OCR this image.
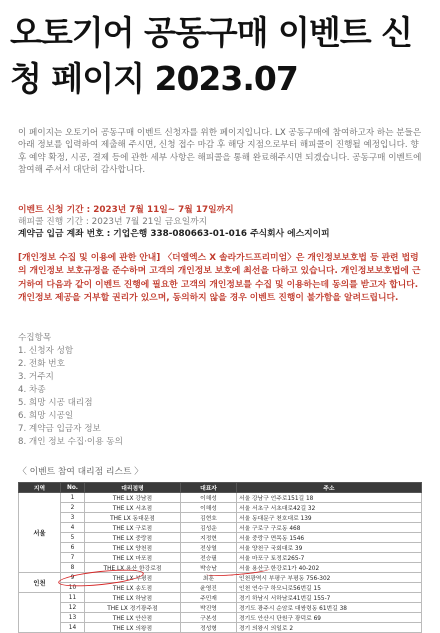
오토기어 공동구매 이벤트 신청 페이지 2023.07
이 페이지는 오토기어 공동구매 이벤트 신청자를 위한 페이지입니다. LX 공동구매에 참여하고자 하는 분들은 아래 정보를 입력하여 제출해 주시면, 신청 접수 마감 후 해당 지점으로부터 해피콜이 진행될 예정입니다. 향후 예약 확정, 시공, 결제 등에 관한 세부 사항은 해피콜을 통해 완료해주시면 되겠습니다. 공동구매 이벤트에 참여해 주셔서 대단히 감사합니다.
이벤트 신청 기간 : 2023년 7월 11일~ 7월 17일까지
해피콜 진행 기간 : 2023년 7월 21일 금요일까지
계약금 입금 계좌 번호 : 기업은행 338-080663-01-016 주식회사 에스지이피
[개인정보 수집 및 이용에 관한 안내] 〈더엘엑스 X 솔라가드프리미엄〉은 개인정보보호법 등 관련 법령의 개인정보 보호규정을 준수하며 고객의 개인정보 보호에 최선을 다하고 있습니다. 개인정보보호법에 근거하여 다음과 같이 이벤트 진행에 필요한 고객의 개인정보를 수집 및 이용하는데 동의를 받고자 합니다. 개인정보 제공을 거부할 권리가 있으며, 동의하지 않을 경우 이벤트 진행이 불가함을 알려드립니다.
수집항목
1. 신청자 성함
2. 전화 번호
3. 거주지
4. 차종
5. 희망 시공 대리점
6. 희망 시공일
7. 계약금 입금자 정보
8. 개인 정보 수집·이용 동의
〈 이벤트 참여 대리점 리스트 〉
지역	No.	대리점명	대표자	주소
서울	1	THE LX 강남점	이해성	서울 강남구 언주로151길 18
	2	THE LX 서초점	이해성	서울 서초구 서초대로42길 32
	3	THE LX 동대문점	김현호	서울 동대문구 천호대로 139
	4	THE LX 구로점	김성운	서울 구로구 구로동 468
	5	THE LX 중랑점	지정현	서울 중랑구 면목동 1546
	6	THE LX 양천점	전상열	서울 양천구 국회대로 39
	7	THE LX 마포점	전승필	서울 마포구 토정로265-7
	8	THE LX 용산 한강로점	박승남	서울 용산구 한강로1가 40-202
인천	9	THE LX 부평점	최훈	인천광역시 부평구 부평동 756-302
	10	THE LX 송도점	윤영진	인천 연수구 하모니로56번길 15
	11	THE LX 하남점	주민재	경기 하남시 서하남로41번길 155-7
	12	THE LX 경기광주점	박진영	경기도 광주시 순암로 대쌍령동 61번길 38
	13	THE LX 안산점	구본성	경기도 안산시 단원구 광덕로 69
	14	THE LX 의왕점	정성형	경기 의왕시 의일로 2
